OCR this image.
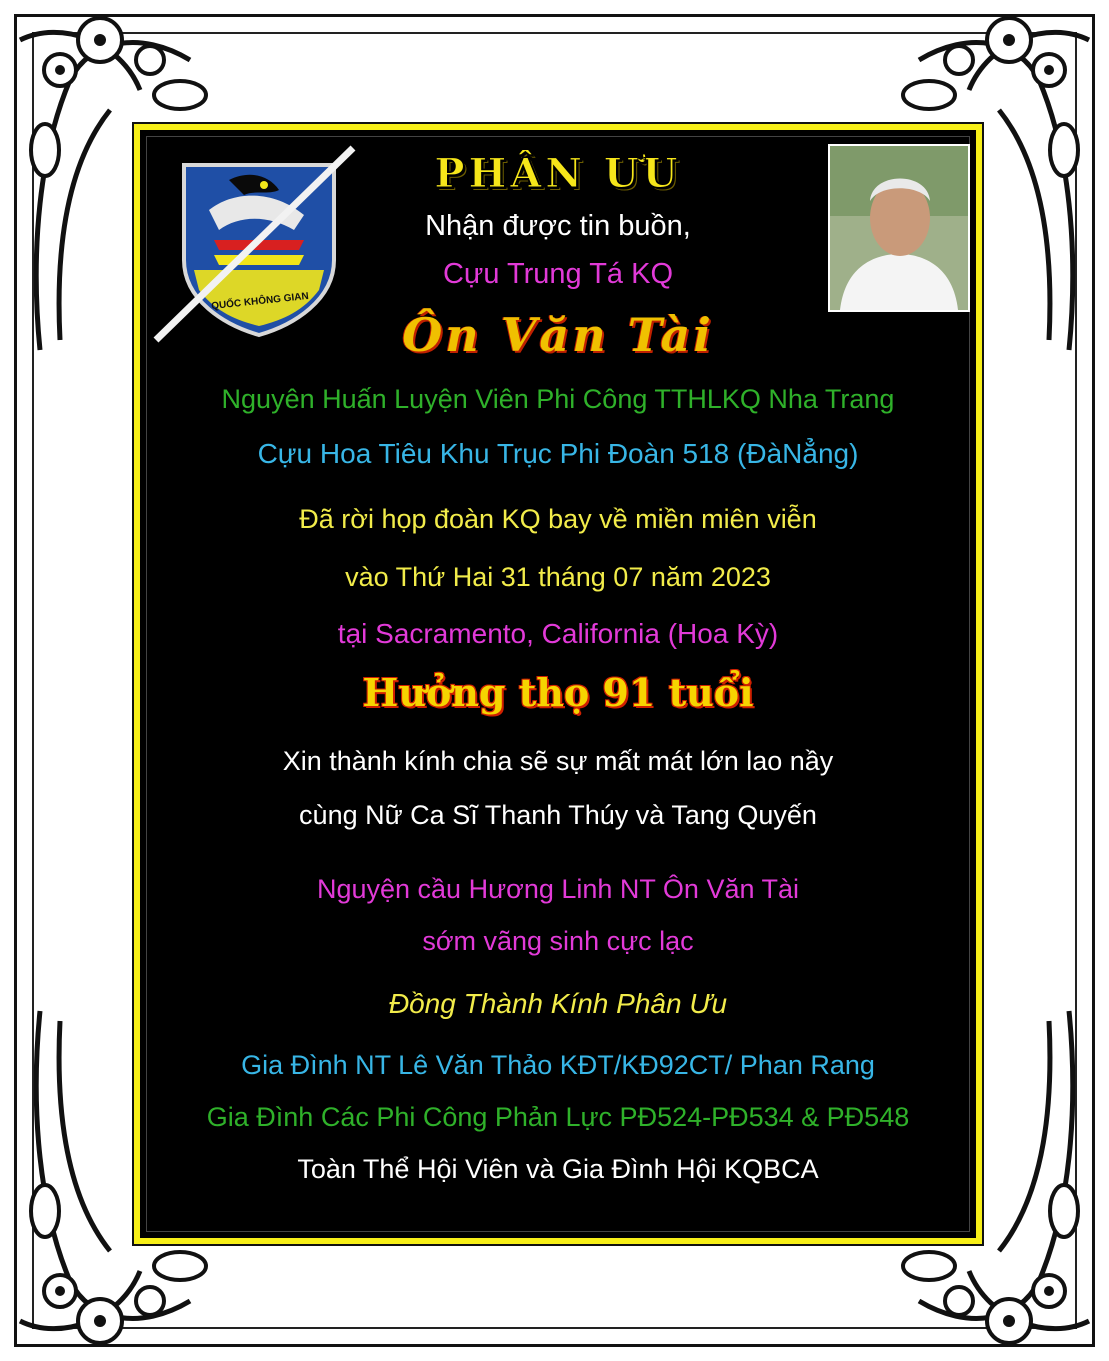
QUỐC KHÔNG GIAN
PHÂN ƯU
Nhận được tin buồn,
Cựu Trung Tá KQ
Ôn Văn Tài
Nguyên Huấn Luyện Viên Phi Công TTHLKQ Nha Trang
Cựu Hoa Tiêu Khu Trục Phi Đoàn 518 (ĐàNẳng)
Đã rời họp đoàn KQ bay về miền miên viễn
vào Thứ Hai 31 tháng 07 năm 2023
tại Sacramento, California (Hoa Kỳ)
Hưởng thọ 91 tuổi
Xin thành kính chia sẽ sự mất mát lớn lao nầy
cùng Nữ Ca Sĩ Thanh Thúy và Tang Quyến
Nguyện cầu Hương Linh NT Ôn Văn Tài
sớm vãng sinh cực lạc
Đồng Thành Kính Phân Ưu
Gia Đình NT Lê Văn Thảo KĐT/KĐ92CT/ Phan Rang
Gia Đình Các Phi Công Phản Lực PĐ524-PĐ534 & PĐ548
Toàn Thể Hội Viên và Gia Đình Hội KQBCA
